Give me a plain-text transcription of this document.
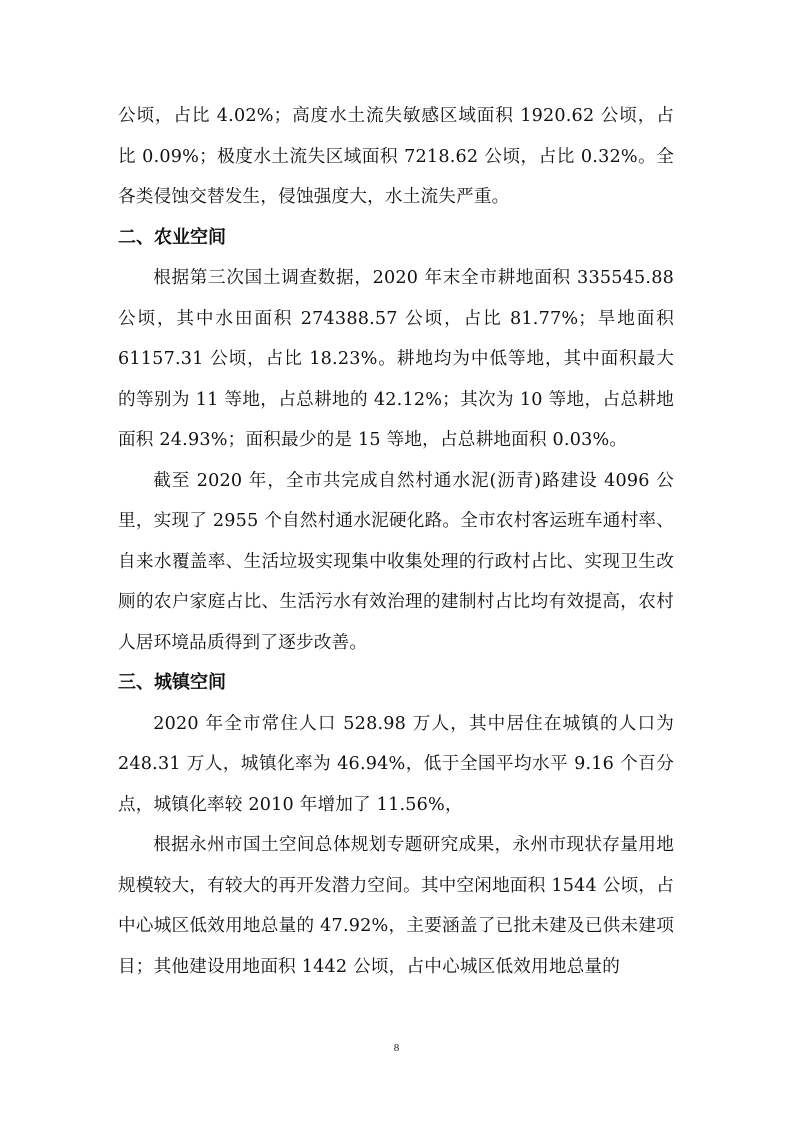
公顷，占比 4.02%；高度水土流失敏感区域面积 1920.62 公顷，占比 0.09%；极度水土流失区域面积 7218.62 公顷，占比 0.32%。全各类侵蚀交替发生，侵蚀强度大，水土流失严重。

二、农业空间

根据第三次国土调查数据，2020 年末全市耕地面积 335545.88 公顷，其中水田面积 274388.57 公顷，占比 81.77%；旱地面积 61157.31 公顷，占比 18.23%。耕地均为中低等地，其中面积最大的等别为 11 等地，占总耕地的 42.12%；其次为 10 等地，占总耕地面积 24.93%；面积最少的是 15 等地，占总耕地面积 0.03%。

截至 2020 年，全市共完成自然村通水泥(沥青)路建设 4096 公里，实现了 2955 个自然村通水泥硬化路。全市农村客运班车通村率、自来水覆盖率、生活垃圾实现集中收集处理的行政村占比、实现卫生改厕的农户家庭占比、生活污水有效治理的建制村占比均有效提高，农村人居环境品质得到了逐步改善。

三、城镇空间

2020 年全市常住人口 528.98 万人，其中居住在城镇的人口为 248.31 万人，城镇化率为 46.94%，低于全国平均水平 9.16 个百分点，城镇化率较 2010 年增加了 11.56%，

根据永州市国土空间总体规划专题研究成果，永州市现状存量用地规模较大，有较大的再开发潜力空间。其中空闲地面积 1544 公顷，占中心城区低效用地总量的 47.92%，主要涵盖了已批未建及已供未建项目；其他建设用地面积 1442 公顷，占中心城区低效用地总量的

8
